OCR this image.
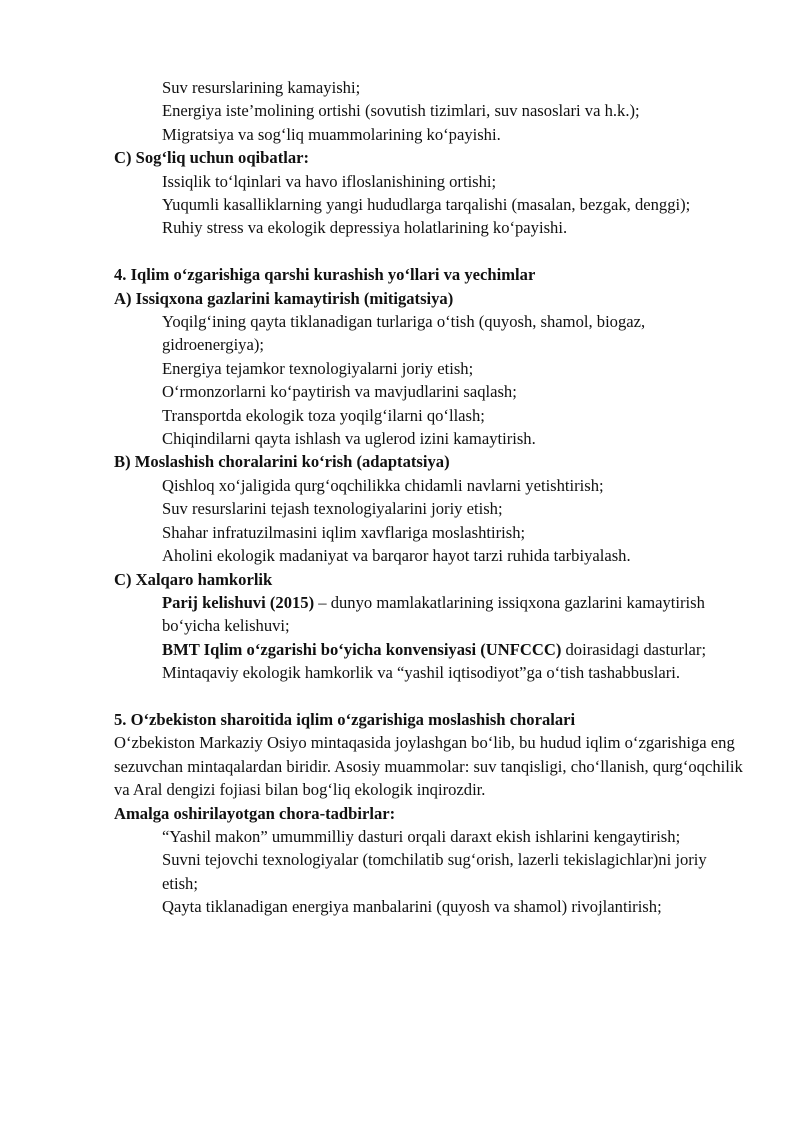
Suv resurslarining kamayishi;

Energiya iste’molining ortishi (sovutish tizimlari, suv nasoslari va h.k.);

Migratsiya va sog‘liq muammolarining ko‘payishi.

C) Sog‘liq uchun oqibatlar:

Issiqlik to‘lqinlari va havo ifloslanishining ortishi;

Yuqumli kasalliklarning yangi hududlarga tarqalishi (masalan, bezgak, denggi);

Ruhiy stress va ekologik depressiya holatlarining ko‘payishi.

4. Iqlim o‘zgarishiga qarshi kurashish yo‘llari va yechimlar

A) Issiqxona gazlarini kamaytirish (mitigatsiya)

Yoqilg‘ining qayta tiklanadigan turlariga o‘tish (quyosh, shamol, biogaz, gidroenergiya);

Energiya tejamkor texnologiyalarni joriy etish;

O‘rmonzorlarni ko‘paytirish va mavjudlarini saqlash;

Transportda ekologik toza yoqilg‘ilarni qo‘llash;

Chiqindilarni qayta ishlash va uglerod izini kamaytirish.

B) Moslashish choralarini ko‘rish (adaptatsiya)

Qishloq xo‘jaligida qurg‘oqchilikka chidamli navlarni yetishtirish;

Suv resurslarini tejash texnologiyalarini joriy etish;

Shahar infratuzilmasini iqlim xavflariga moslashtirish;

Aholini ekologik madaniyat va barqaror hayot tarzi ruhida tarbiyalash.

C) Xalqaro hamkorlik

Parij kelishuvi (2015) – dunyo mamlakatlarining issiqxona gazlarini kamaytirish bo‘yicha kelishuvi;

BMT Iqlim o‘zgarishi bo‘yicha konvensiyasi (UNFCCC) doirasidagi dasturlar;

Mintaqaviy ekologik hamkorlik va “yashil iqtisodiyot”ga o‘tish tashabbuslari.

5. O‘zbekiston sharoitida iqlim o‘zgarishiga moslashish choralari

O‘zbekiston Markaziy Osiyo mintaqasida joylashgan bo‘lib, bu hudud iqlim o‘zgarishiga eng sezuvchan mintaqalardan biridir. Asosiy muammolar: suv tanqisligi, cho‘llanish, qurg‘oqchilik va Aral dengizi fojiasi bilan bog‘liq ekologik inqirozdir.

Amalga oshirilayotgan chora-tadbirlar:

“Yashil makon” umummilliy dasturi orqali daraxt ekish ishlarini kengaytirish;

Suvni tejovchi texnologiyalar (tomchilatib sug‘orish, lazerli tekislagichlar)ni joriy etish;

Qayta tiklanadigan energiya manbalarini (quyosh va shamol) rivojlantirish;
